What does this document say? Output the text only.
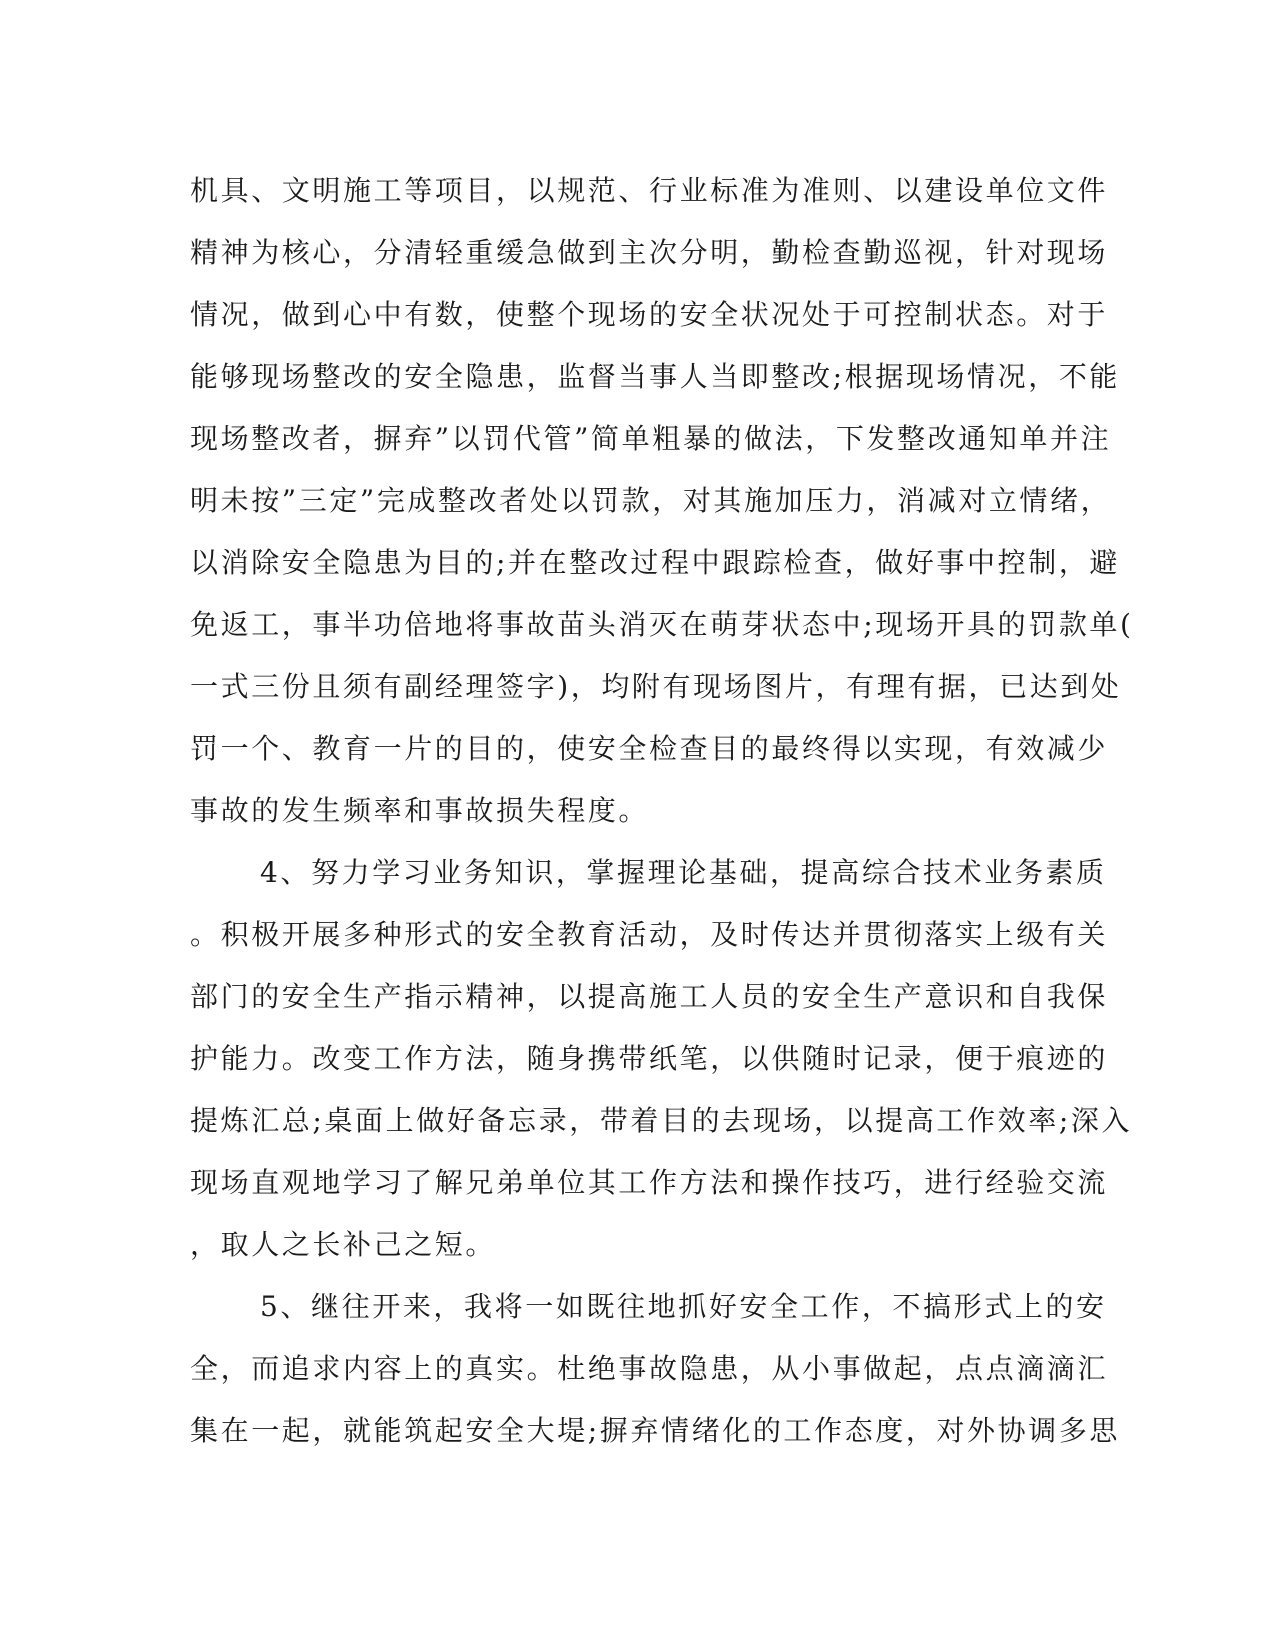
机具、文明施工等项目，以规范、行业标准为准则、以建设单位文件
精神为核心，分清轻重缓急做到主次分明，勤检查勤巡视，针对现场
情况，做到心中有数，使整个现场的安全状况处于可控制状态。对于
能够现场整改的安全隐患，监督当事人当即整改;根据现场情况，不能
现场整改者，摒弃”以罚代管”简单粗暴的做法，下发整改通知单并注
明未按”三定”完成整改者处以罚款，对其施加压力，消减对立情绪，
以消除安全隐患为目的;并在整改过程中跟踪检查，做好事中控制，避
免返工，事半功倍地将事故苗头消灭在萌芽状态中;现场开具的罚款单(
一式三份且须有副经理签字)，均附有现场图片，有理有据，已达到处
罚一个、教育一片的目的，使安全检查目的最终得以实现，有效减少
事故的发生频率和事故损失程度。
4、努力学习业务知识，掌握理论基础，提高综合技术业务素质
。积极开展多种形式的安全教育活动，及时传达并贯彻落实上级有关
部门的安全生产指示精神，以提高施工人员的安全生产意识和自我保
护能力。改变工作方法，随身携带纸笔，以供随时记录，便于痕迹的
提炼汇总;桌面上做好备忘录，带着目的去现场，以提高工作效率;深入
现场直观地学习了解兄弟单位其工作方法和操作技巧，进行经验交流
，取人之长补己之短。
5、继往开来，我将一如既往地抓好安全工作，不搞形式上的安
全，而追求内容上的真实。杜绝事故隐患，从小事做起，点点滴滴汇
集在一起，就能筑起安全大堤;摒弃情绪化的工作态度，对外协调多思
